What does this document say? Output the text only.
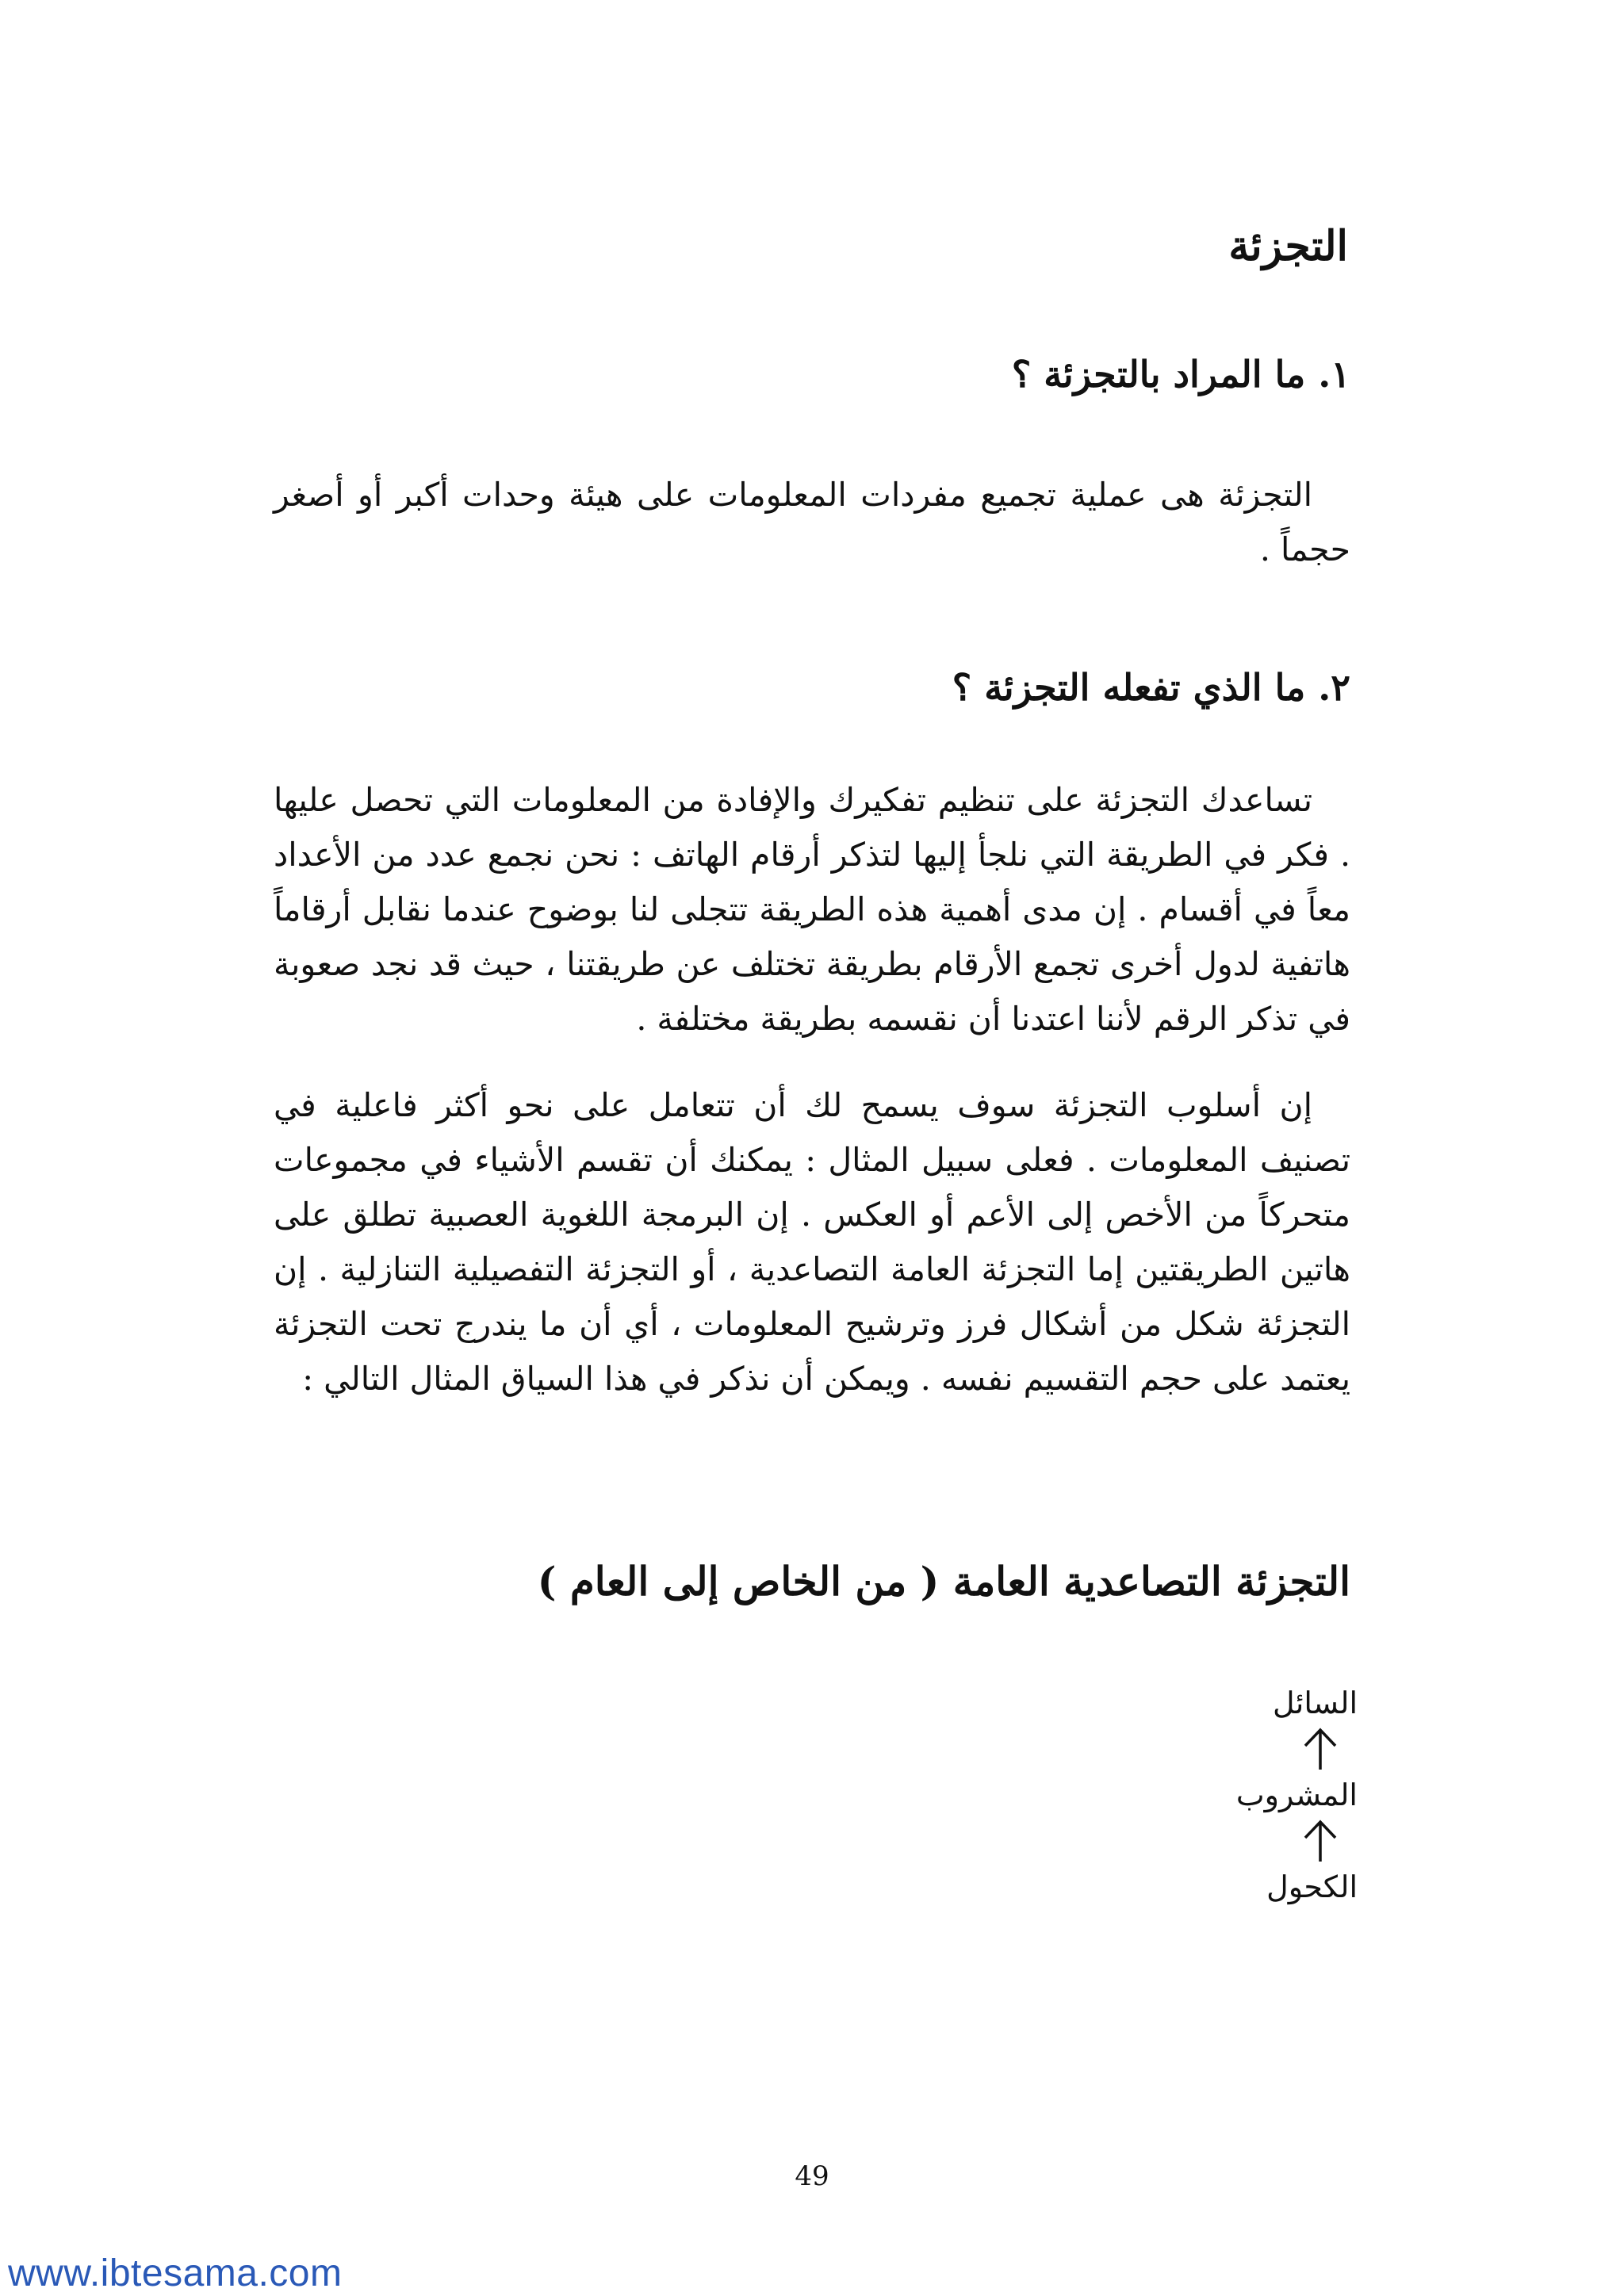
التجزئة
١. ما المراد بالتجزئة ؟

التجزئة هى عملية تجميع مفردات المعلومات على هيئة وحدات أكبر أو أصغر حجماً .

٢. ما الذي تفعله التجزئة ؟

تساعدك التجزئة على تنظيم تفكيرك والإفادة من المعلومات التي تحصل عليها . فكر في الطريقة التي نلجأ إليها لتذكر أرقام الهاتف : نحن نجمع عدد من الأعداد معاً في أقسام . إن مدى أهمية هذه الطريقة تتجلى لنا بوضوح عندما نقابل أرقاماً هاتفية لدول أخرى تجمع الأرقام بطريقة تختلف عن طريقتنا ، حيث قد نجد صعوبة في تذكر الرقم لأننا اعتدنا أن نقسمه بطريقة مختلفة .

إن أسلوب التجزئة سوف يسمح لك أن تتعامل على نحو أكثر فاعلية في تصنيف المعلومات . فعلى سبيل المثال : يمكنك أن تقسم الأشياء في مجموعات متحركاً من الأخص إلى الأعم أو العكس . إن البرمجة اللغوية العصبية تطلق على هاتين الطريقتين إما التجزئة العامة التصاعدية ، أو التجزئة التفصيلية التنازلية . إن التجزئة شكل من أشكال فرز وترشيح المعلومات ، أي أن ما يندرج تحت التجزئة يعتمد على حجم التقسيم نفسه . ويمكن أن نذكر في هذا السياق المثال التالي :

التجزئة التصاعدية العامة ( من الخاص إلى العام )
السائل
المشروب
الكحول
49
www.ibtesama.com
